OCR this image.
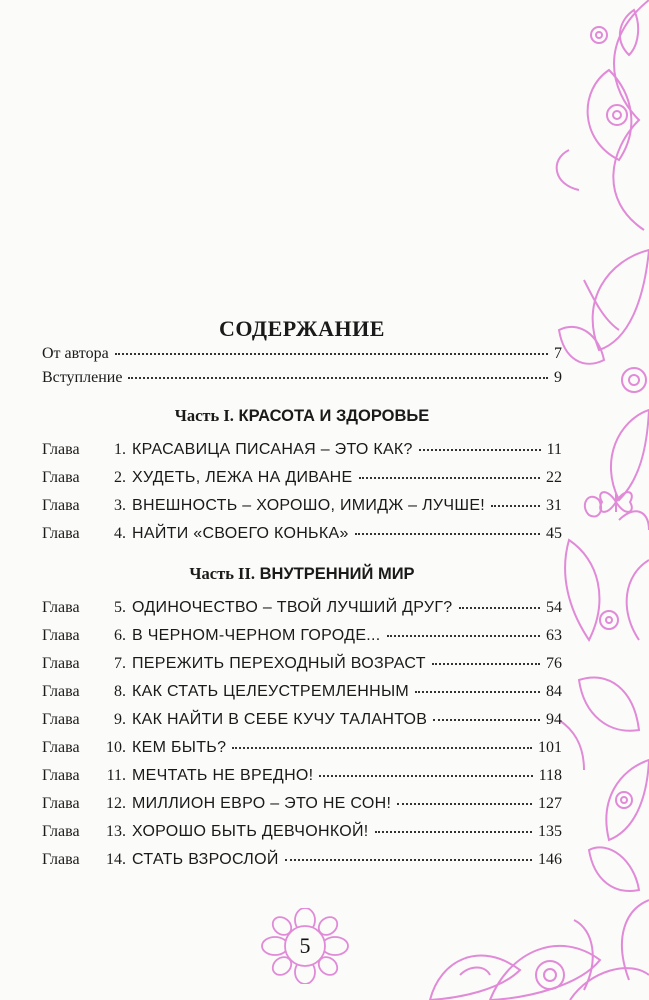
СОДЕРЖАНИЕ
От автора	7
Вступление	9
Часть I. КРАСОТА И ЗДОРОВЬЕ
Глава	1. КРАСАВИЦА ПИСАНАЯ – ЭТО КАК?	11
Глава	2. ХУДЕТЬ, ЛЕЖА НА ДИВАНЕ	22
Глава	3. ВНЕШНОСТЬ – ХОРОШО, ИМИДЖ – ЛУЧШЕ!	31
Глава	4. НАЙТИ «СВОЕГО КОНЬКА»	45
Часть II. ВНУТРЕННИЙ МИР
Глава	5. ОДИНОЧЕСТВО – ТВОЙ ЛУЧШИЙ ДРУГ?	54
Глава	6. В ЧЕРНОМ-ЧЕРНОМ ГОРОДЕ...	63
Глава	7. ПЕРЕЖИТЬ ПЕРЕХОДНЫЙ ВОЗРАСТ	76
Глава	8. КАК СТАТЬ ЦЕЛЕУСТРЕМЛЕННЫМ	84
Глава	9. КАК НАЙТИ В СЕБЕ КУЧУ ТАЛАНТОВ	94
Глава	10. КЕМ БЫТЬ?	101
Глава	11. МЕЧТАТЬ НЕ ВРЕДНО!	118
Глава	12. МИЛЛИОН ЕВРО – ЭТО НЕ СОН!	127
Глава	13. ХОРОШО БЫТЬ ДЕВЧОНКОЙ!	135
Глава	14. СТАТЬ ВЗРОСЛОЙ	146
5
